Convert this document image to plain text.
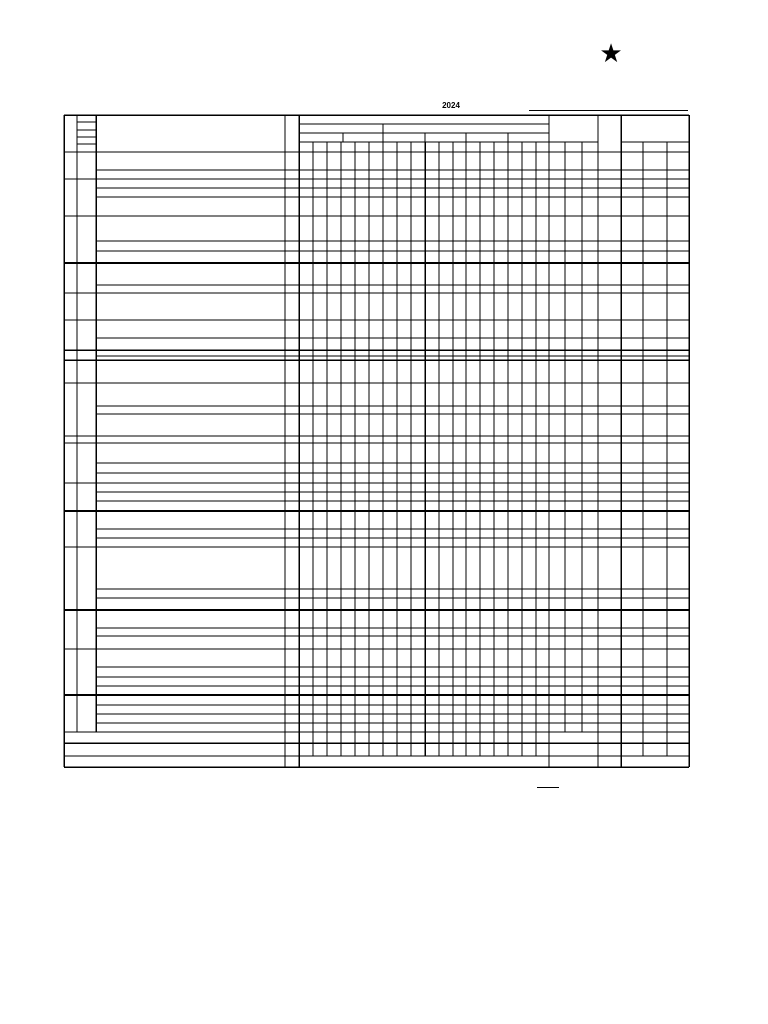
★
2024
